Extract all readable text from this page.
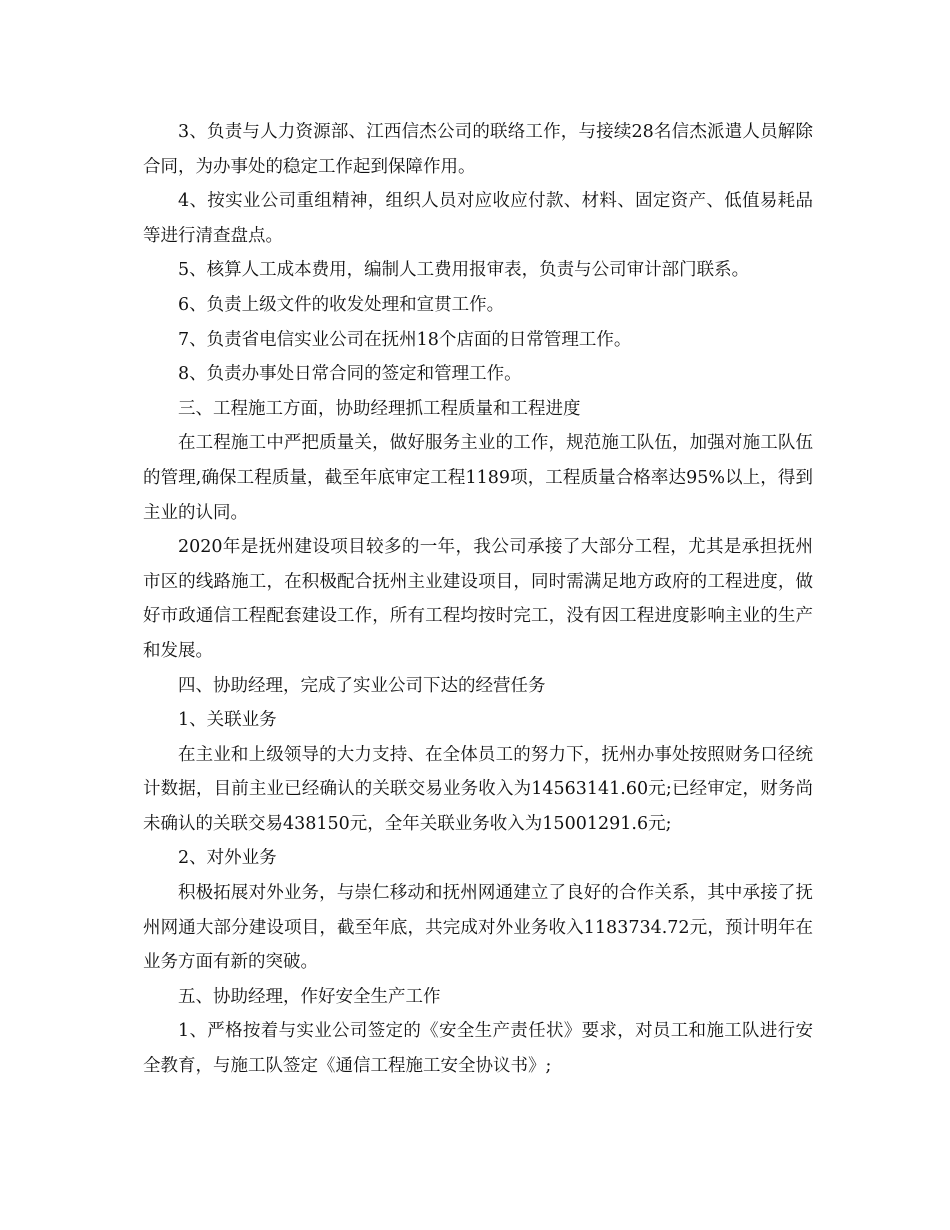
3、负责与人力资源部、江西信杰公司的联络工作，与接续28名信杰派遣人员解除合同，为办事处的稳定工作起到保障作用。

4、按实业公司重组精神，组织人员对应收应付款、材料、固定资产、低值易耗品等进行清查盘点。

5、核算人工成本费用，编制人工费用报审表，负责与公司审计部门联系。

6、负责上级文件的收发处理和宣贯工作。

7、负责省电信实业公司在抚州18个店面的日常管理工作。

8、负责办事处日常合同的签定和管理工作。

三、工程施工方面，协助经理抓工程质量和工程进度

在工程施工中严把质量关，做好服务主业的工作，规范施工队伍，加强对施工队伍的管理,确保工程质量，截至年底审定工程1189项，工程质量合格率达95%以上，得到主业的认同。

2020年是抚州建设项目较多的一年，我公司承接了大部分工程，尤其是承担抚州市区的线路施工，在积极配合抚州主业建设项目，同时需满足地方政府的工程进度，做好市政通信工程配套建设工作，所有工程均按时完工，没有因工程进度影响主业的生产和发展。

四、协助经理，完成了实业公司下达的经营任务

1、关联业务

在主业和上级领导的大力支持、在全体员工的努力下，抚州办事处按照财务口径统计数据，目前主业已经确认的关联交易业务收入为14563141.60元;已经审定，财务尚未确认的关联交易438150元，全年关联业务收入为15001291.6元;

2、对外业务

积极拓展对外业务，与崇仁移动和抚州网通建立了良好的合作关系，其中承接了抚州网通大部分建设项目，截至年底，共完成对外业务收入1183734.72元，预计明年在业务方面有新的突破。

五、协助经理，作好安全生产工作

1、严格按着与实业公司签定的《安全生产责任状》要求，对员工和施工队进行安全教育，与施工队签定《通信工程施工安全协议书》;
